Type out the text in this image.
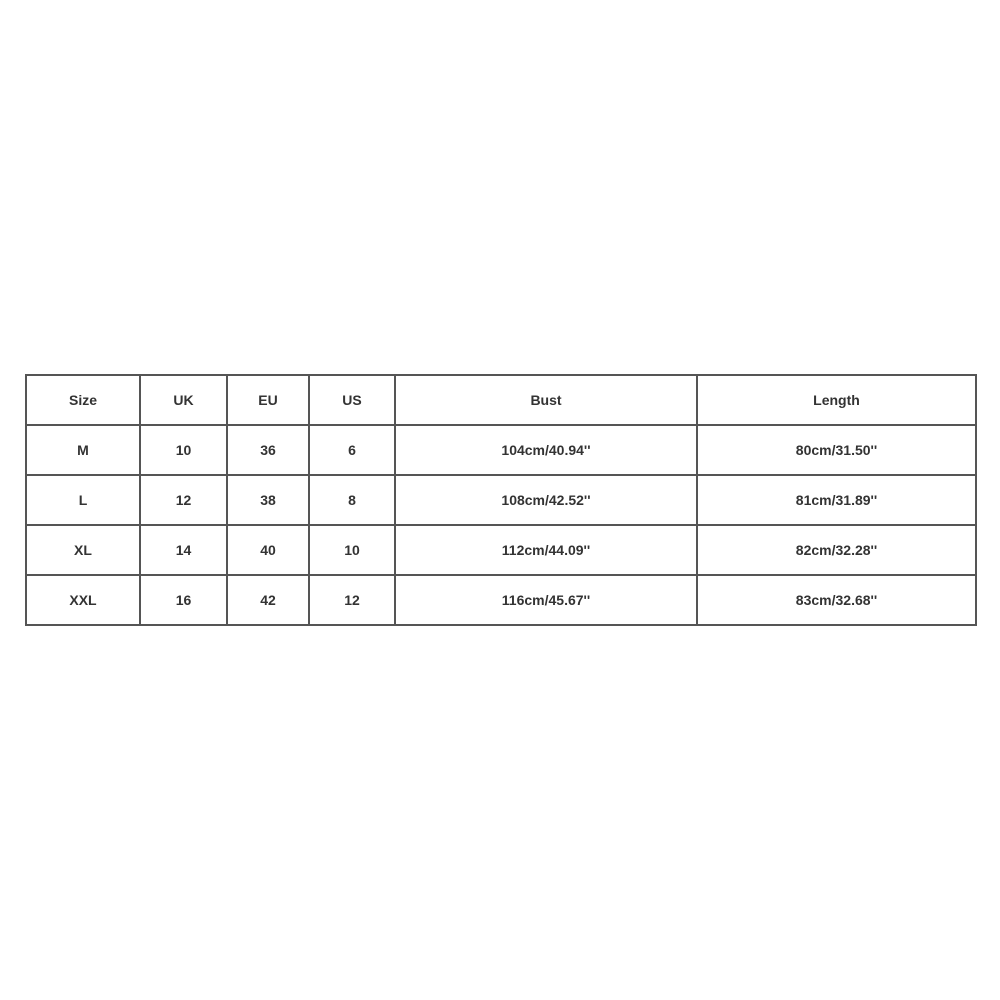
Size	UK	EU	US	Bust	Length
M	10	36	6	104cm/40.94''	80cm/31.50''
L	12	38	8	108cm/42.52''	81cm/31.89''
XL	14	40	10	112cm/44.09''	82cm/32.28''
XXL	16	42	12	116cm/45.67''	83cm/32.68''
